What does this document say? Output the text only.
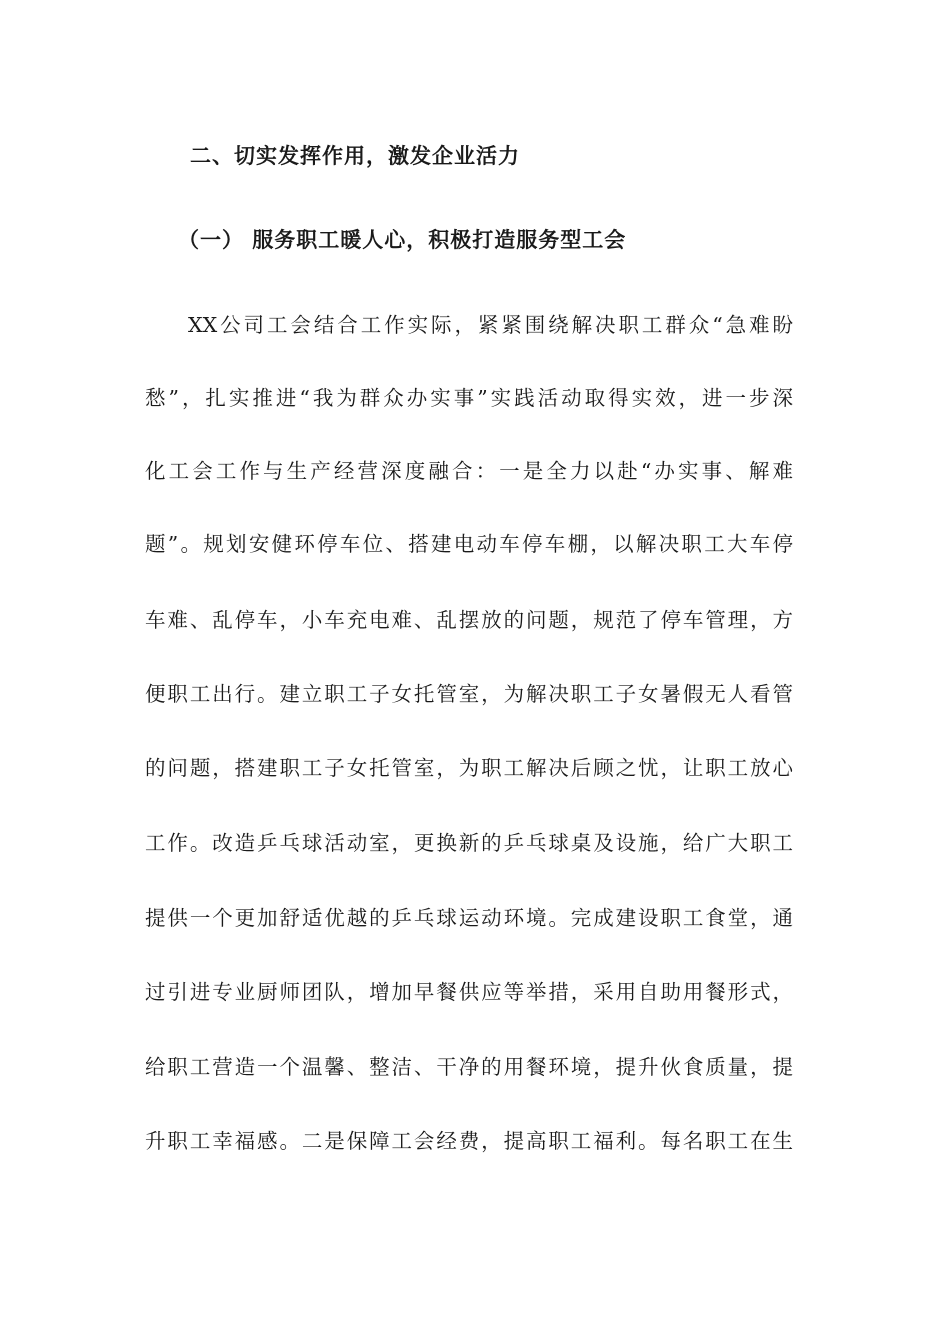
二、切实发挥作用，激发企业活力
（一） 服务职工暖人心，积极打造服务型工会
XX公司工会结合工作实际，紧紧围绕解决职工群众“急难盼
愁”，扎实推进“我为群众办实事”实践活动取得实效，进一步深
化工会工作与生产经营深度融合：一是全力以赴“办实事、解难
题”。规划安健环停车位、搭建电动车停车棚，以解决职工大车停
车难、乱停车，小车充电难、乱摆放的问题，规范了停车管理，方
便职工出行。建立职工子女托管室，为解决职工子女暑假无人看管
的问题，搭建职工子女托管室，为职工解决后顾之忧，让职工放心
工作。改造乒乓球活动室，更换新的乒乓球桌及设施，给广大职工
提供一个更加舒适优越的乒乓球运动环境。完成建设职工食堂，通
过引进专业厨师团队，增加早餐供应等举措，采用自助用餐形式，
给职工营造一个温馨、整洁、干净的用餐环境，提升伙食质量，提
升职工幸福感。二是保障工会经费，提高职工福利。每名职工在生
